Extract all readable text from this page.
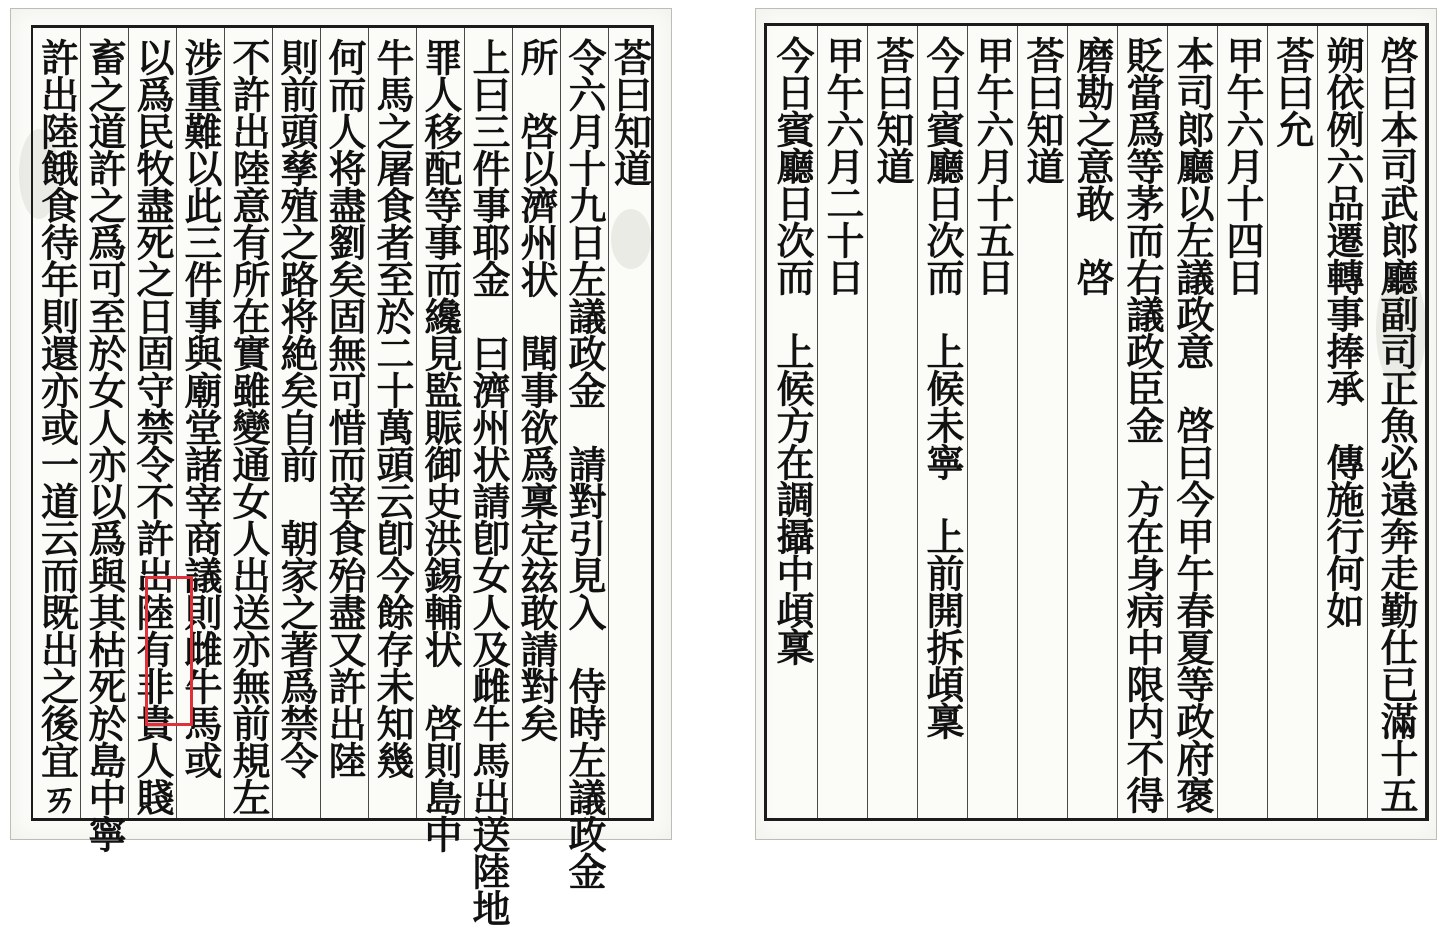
荅曰知道
令六月十九日左議政金　請對引見入　侍時左議政金
所　啓以濟州状　聞事欲爲稟定玆敢請對矣
上曰三件事耶金　曰濟州状請卽女人及雌牛馬出送陸地
罪人移配等事而纔見監賑御史洪錫輔状　啓則島中
牛馬之屠食者至於二十萬頭云卽今餘存未知幾
何而人将盡劉矣固無可惜而宰食殆盡又許出陸
則前頭孳殖之路将絶矣自前　朝家之著爲禁令
不許出陸意有所在實雖變通女人出送亦無前規左
涉重難以此三件事與廟堂諸宰商議則雌牛馬或
以爲民牧盡死之日固守禁令不許出陸有非貴人賤
畜之道許之爲可至於女人亦以爲與其枯死於島中寧
許出陸餓食待年則還亦或一道云而既出之後宜ㄞ	啓曰本司武郎廳副司正魚必遠奔走勤仕已滿十五
朔依例六品遷轉事捧承　傳施行何如
荅曰允
甲午六月十四日
本司郎廳以左議政意　啓曰今甲午春夏等政府褒
貶當爲等茅而右議政臣金　方在身病中限内不得
磨勘之意敢　啓
荅曰知道
甲午六月十五日
今日賓廳日次而　上候未寧　上前開拆頉稟
荅曰知道
甲午六月二十日
今日賓廳日次而　上候方在調攝中頉稟
